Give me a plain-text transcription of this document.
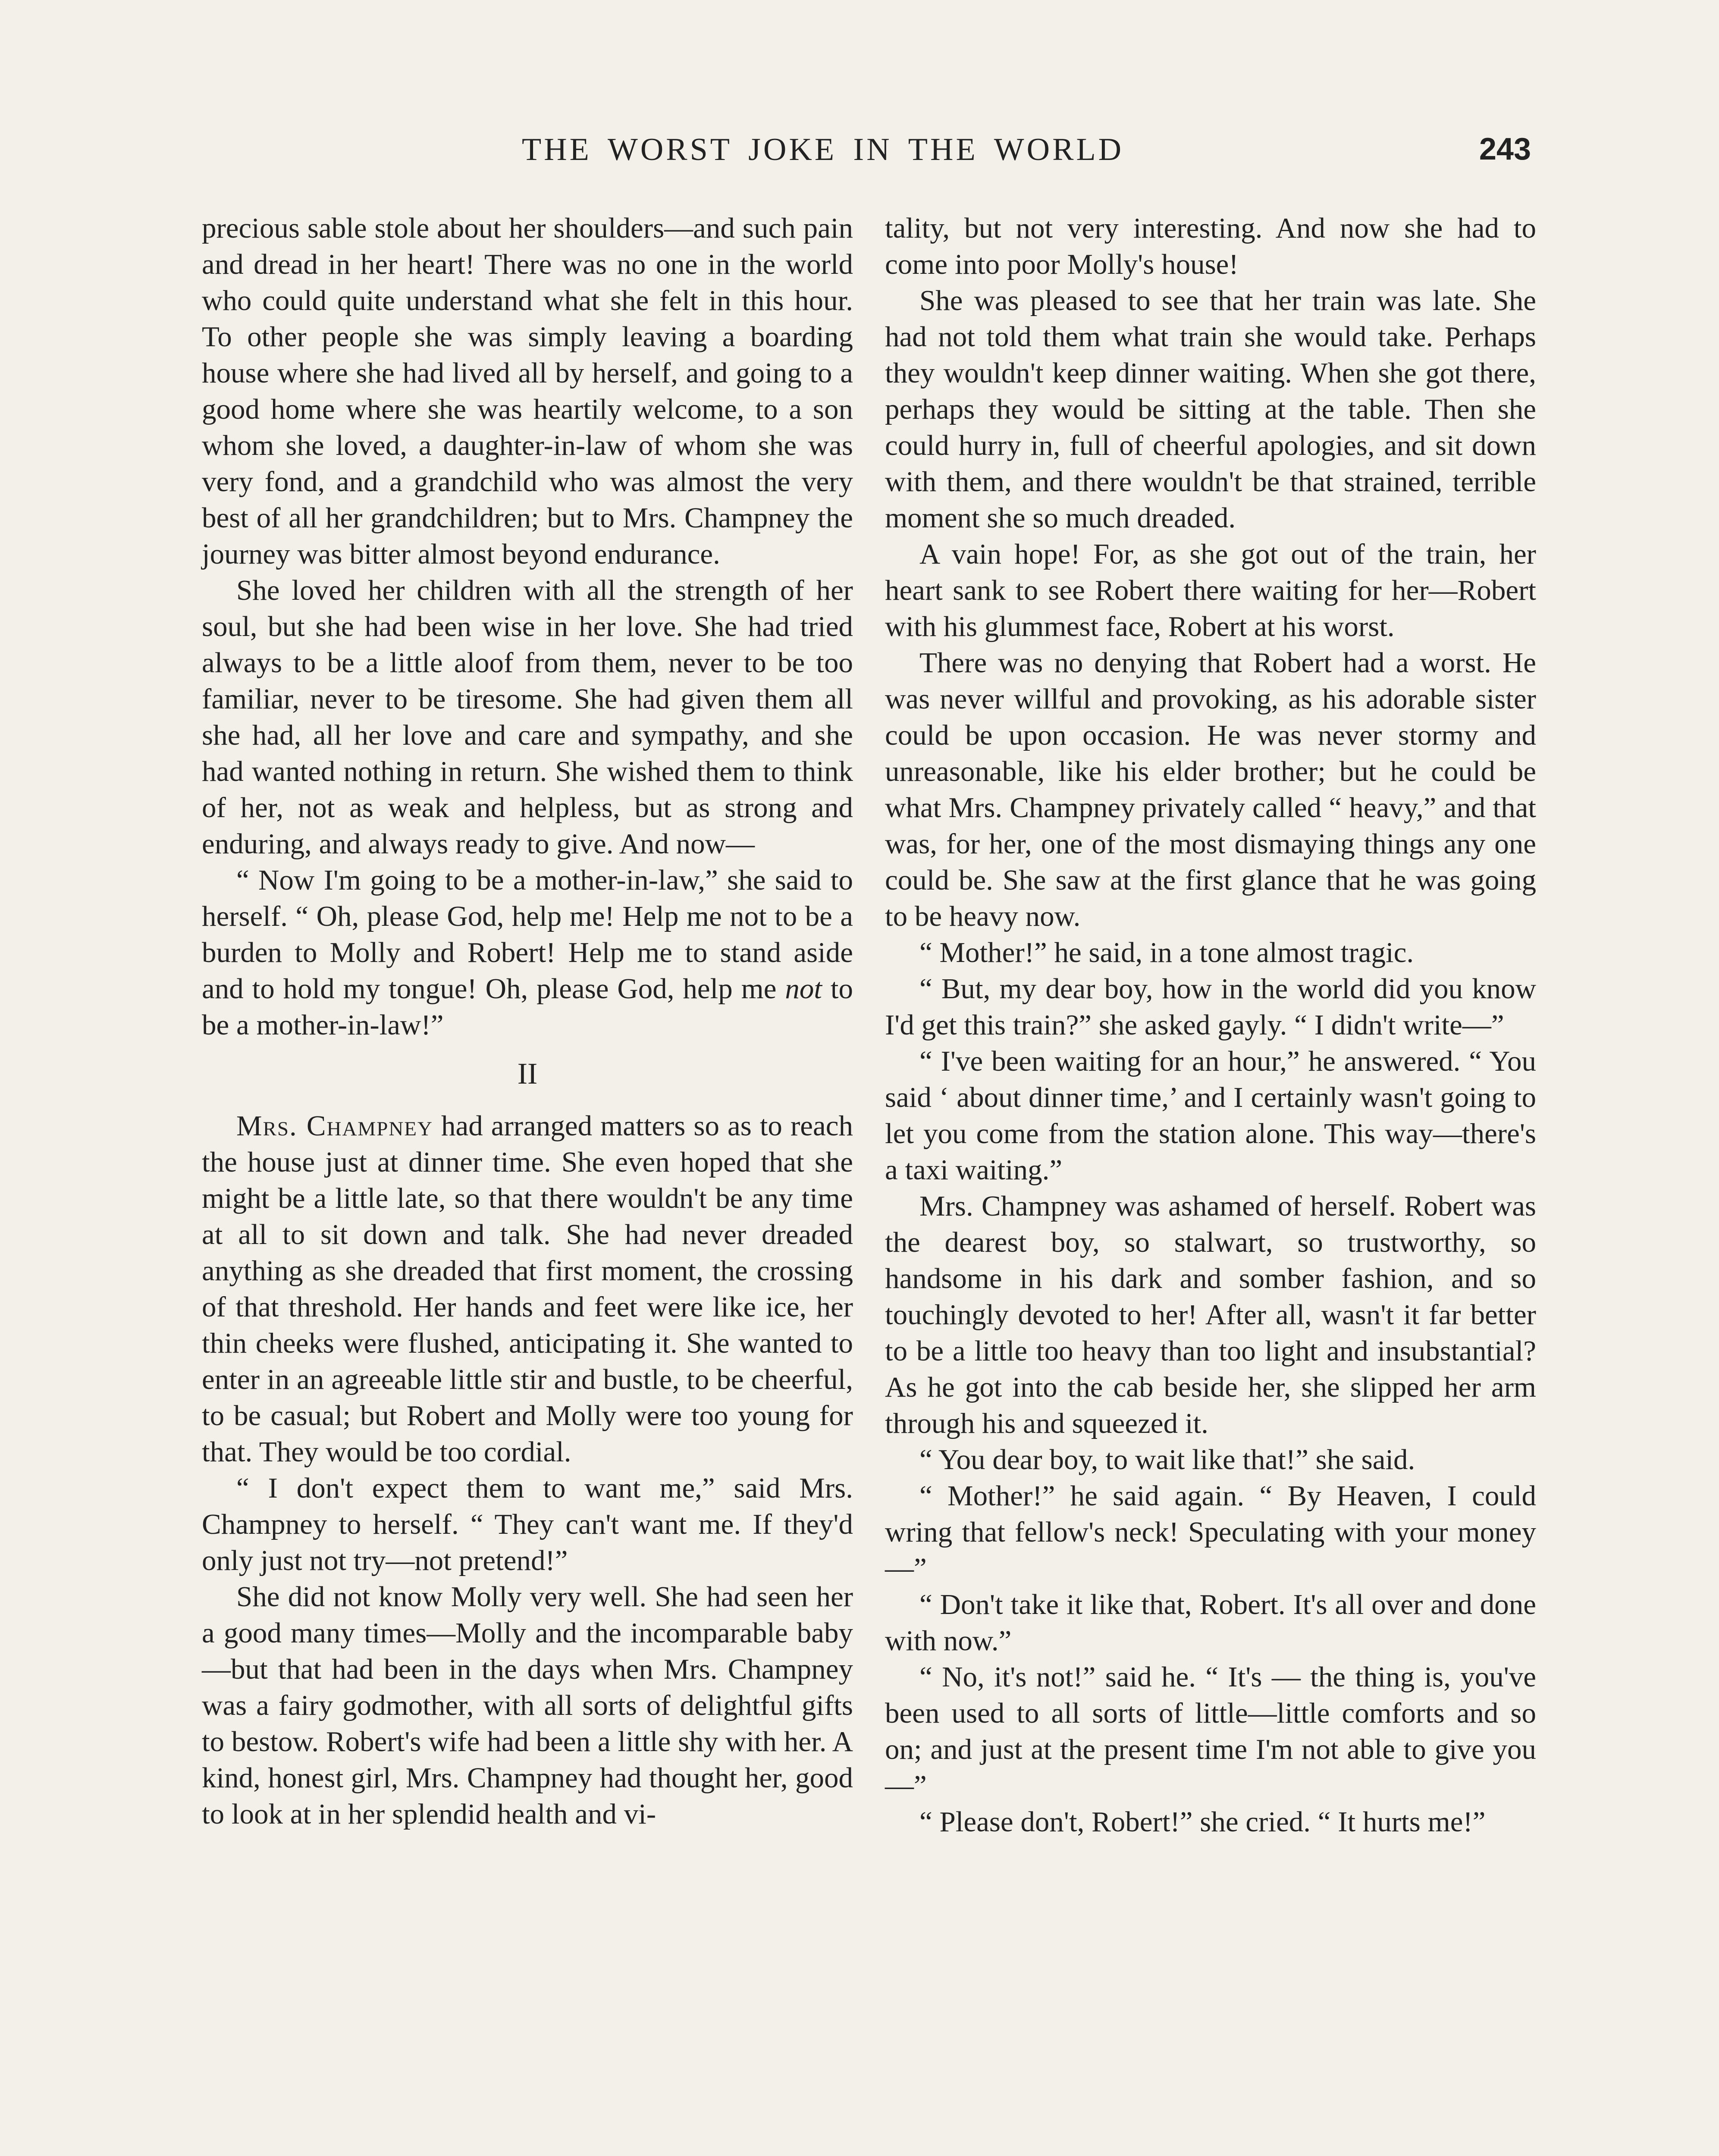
THE WORST JOKE IN THE WORLD	243

precious sable stole about her shoulders—and such pain and dread in her heart! There was no one in the world who could quite understand what she felt in this hour. To other people she was simply leaving a boarding house where she had lived all by herself, and going to a good home where she was heartily welcome, to a son whom she loved, a daughter-in-law of whom she was very fond, and a grandchild who was almost the very best of all her grandchildren; but to Mrs. Champney the journey was bitter almost beyond endurance.

She loved her children with all the strength of her soul, but she had been wise in her love. She had tried always to be a little aloof from them, never to be too familiar, never to be tiresome. She had given them all she had, all her love and care and sympathy, and she had wanted nothing in return. She wished them to think of her, not as weak and helpless, but as strong and enduring, and always ready to give. And now—

“ Now I'm going to be a mother-in-law,” she said to herself. “ Oh, please God, help me! Help me not to be a burden to Molly and Robert! Help me to stand aside and to hold my tongue! Oh, please God, help me not to be a mother-in-law!”

II

Mrs. Champney had arranged matters so as to reach the house just at dinner time. She even hoped that she might be a little late, so that there wouldn't be any time at all to sit down and talk. She had never dreaded anything as she dreaded that first moment, the crossing of that threshold. Her hands and feet were like ice, her thin cheeks were flushed, anticipating it. She wanted to enter in an agreeable little stir and bustle, to be cheerful, to be casual; but Robert and Molly were too young for that. They would be too cordial.

“ I don't expect them to want me,” said Mrs. Champney to herself. “ They can't want me. If they'd only just not try—not pretend!”

She did not know Molly very well. She had seen her a good many times—Molly and the incomparable baby—but that had been in the days when Mrs. Champney was a fairy godmother, with all sorts of delightful gifts to bestow. Robert's wife had been a little shy with her. A kind, honest girl, Mrs. Champney had thought her, good to look at in her splendid health and vi-

tality, but not very interesting. And now she had to come into poor Molly's house!

She was pleased to see that her train was late. She had not told them what train she would take. Perhaps they wouldn't keep dinner waiting. When she got there, perhaps they would be sitting at the table. Then she could hurry in, full of cheerful apologies, and sit down with them, and there wouldn't be that strained, terrible moment she so much dreaded.

A vain hope! For, as she got out of the train, her heart sank to see Robert there waiting for her—Robert with his glummest face, Robert at his worst.

There was no denying that Robert had a worst. He was never willful and provoking, as his adorable sister could be upon occasion. He was never stormy and unreasonable, like his elder brother; but he could be what Mrs. Champney privately called “ heavy,” and that was, for her, one of the most dismaying things any one could be. She saw at the first glance that he was going to be heavy now.

“ Mother!” he said, in a tone almost tragic.

“ But, my dear boy, how in the world did you know I'd get this train?” she asked gayly. “ I didn't write—”

“ I've been waiting for an hour,” he answered. “ You said ‘ about dinner time,’ and I certainly wasn't going to let you come from the station alone. This way—there's a taxi waiting.”

Mrs. Champney was ashamed of herself. Robert was the dearest boy, so stalwart, so trustworthy, so handsome in his dark and somber fashion, and so touchingly devoted to her! After all, wasn't it far better to be a little too heavy than too light and insubstantial? As he got into the cab beside her, she slipped her arm through his and squeezed it.

“ You dear boy, to wait like that!” she said.

“ Mother!” he said again. “ By Heaven, I could wring that fellow's neck! Speculating with your money—”

“ Don't take it like that, Robert. It's all over and done with now.”

“ No, it's not!” said he. “ It's — the thing is, you've been used to all sorts of little—little comforts and so on; and just at the present time I'm not able to give you—”

“ Please don't, Robert!” she cried. “ It hurts me!”
